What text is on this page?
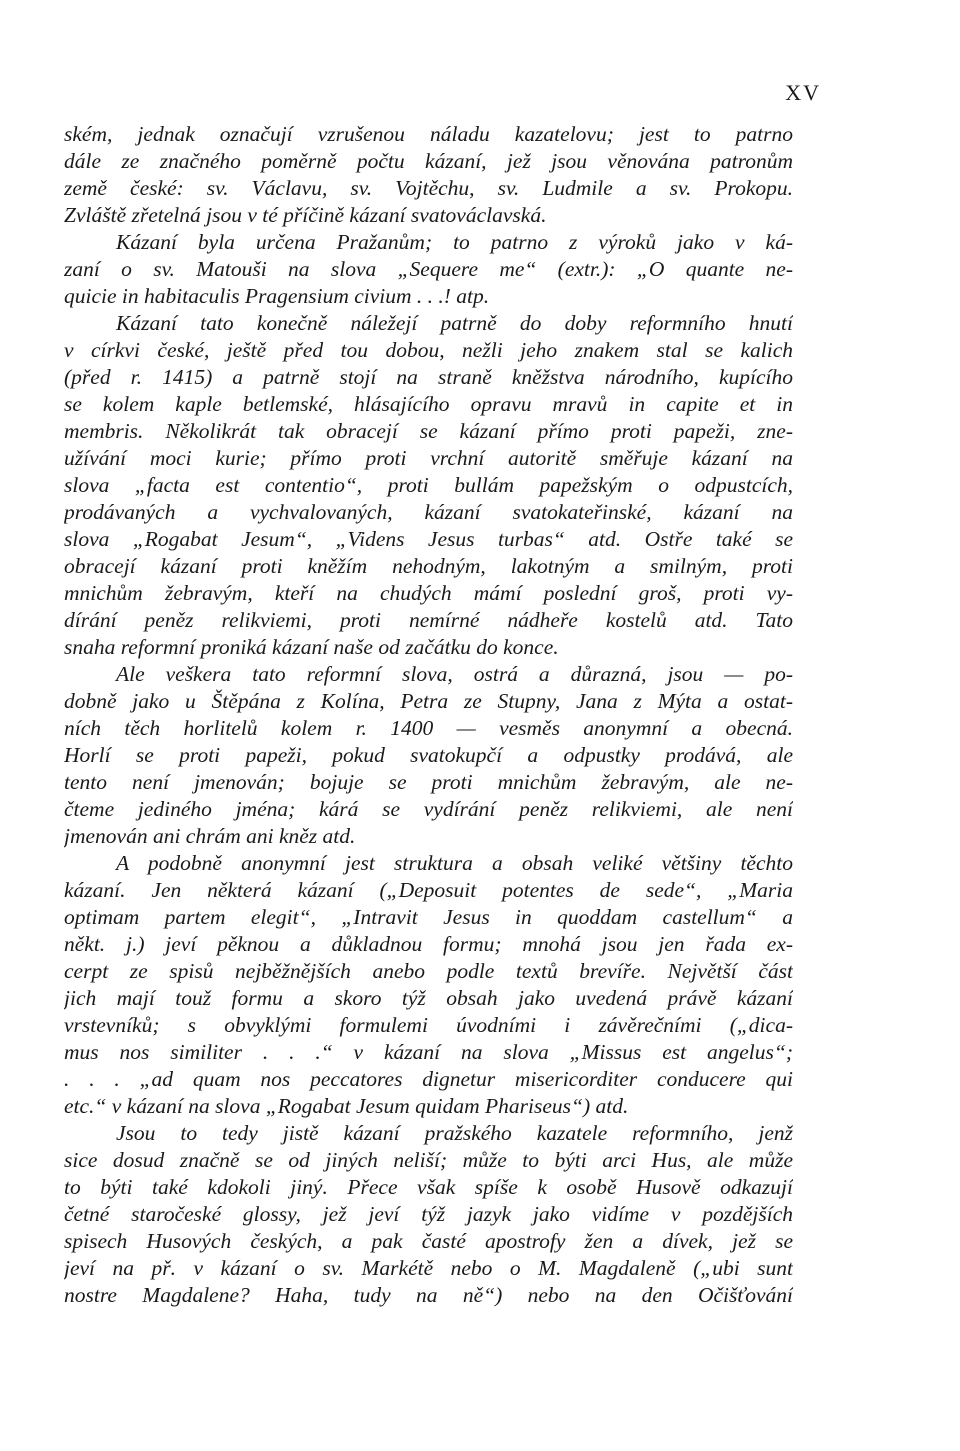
XV
ském, jednak označují vzrušenou náladu kazatelovu; jest to patrno
dále ze značného poměrně počtu kázaní, jež jsou věnována patronům
země české: sv. Václavu, sv. Vojtěchu, sv. Ludmile a sv. Prokopu.
Zvláště zřetelná jsou v té příčině kázaní svatováclavská.
Kázaní byla určena Pražanům; to patrno z výroků jako v ká-
zaní o sv. Matouši na slova „Sequere me“ (extr.): „O quante ne-
quicie in habitaculis Pragensium civium . . .! atp.
Kázaní tato konečně náležejí patrně do doby reformního hnutí
v církvi české, ještě před tou dobou, nežli jeho znakem stal se kalich
(před r. 1415) a patrně stojí na straně kněžstva národního, kupícího
se kolem kaple betlemské, hlásajícího opravu mravů in capite et in
membris. Několikrát tak obracejí se kázaní přímo proti papeži, zne-
užívání moci kurie; přímo proti vrchní autoritě směřuje kázaní na
slova „facta est contentio“, proti bullám papežským o odpustcích,
prodávaných a vychvalovaných, kázaní svatokateřinské, kázaní na
slova „Rogabat Jesum“, „Videns Jesus turbas“ atd. Ostře také se
obracejí kázaní proti kněžím nehodným, lakotným a smilným, proti
mnichům žebravým, kteří na chudých mámí poslední groš, proti vy-
dírání peněz relikviemi, proti nemírné nádheře kostelů atd. Tato
snaha reformní proniká kázaní naše od začátku do konce.
Ale veškera tato reformní slova, ostrá a důrazná, jsou — po-
dobně jako u Štěpána z Kolína, Petra ze Stupny, Jana z Mýta a ostat-
ních těch horlitelů kolem r. 1400 — vesměs anonymní a obecná.
Horlí se proti papeži, pokud svatokupčí a odpustky prodává, ale
tento není jmenován; bojuje se proti mnichům žebravým, ale ne-
čteme jediného jména; kárá se vydírání peněz relikviemi, ale není
jmenován ani chrám ani kněz atd.
A podobně anonymní jest struktura a obsah veliké většiny těchto
kázaní. Jen některá kázaní („Deposuit potentes de sede“, „Maria
optimam partem elegit“, „Intravit Jesus in quoddam castellum“ a
někt. j.) jeví pěknou a důkladnou formu; mnohá jsou jen řada ex-
cerpt ze spisů nejběžnějších anebo podle textů brevíře. Největší část
jich mají touž formu a skoro týž obsah jako uvedená právě kázaní
vrstevníků; s obvyklými formulemi úvodními i závěrečními („dica-
mus nos similiter . . .“ v kázaní na slova „Missus est angelus“;
. . . „ad quam nos peccatores dignetur misericorditer conducere qui
etc.“ v kázaní na slova „Rogabat Jesum quidam Phariseus“) atd.
Jsou to tedy jistě kázaní pražského kazatele reformního, jenž
sice dosud značně se od jiných neliší; může to býti arci Hus, ale může
to býti také kdokoli jiný. Přece však spíše k osobě Husově odkazují
četné staročeské glossy, jež jeví týž jazyk jako vidíme v pozdějších
spisech Husových českých, a pak časté apostrofy žen a dívek, jež se
jeví na př. v kázaní o sv. Markétě nebo o M. Magdaleně („ubi sunt
nostre Magdalene? Haha, tudy na ně“) nebo na den Očišťování
